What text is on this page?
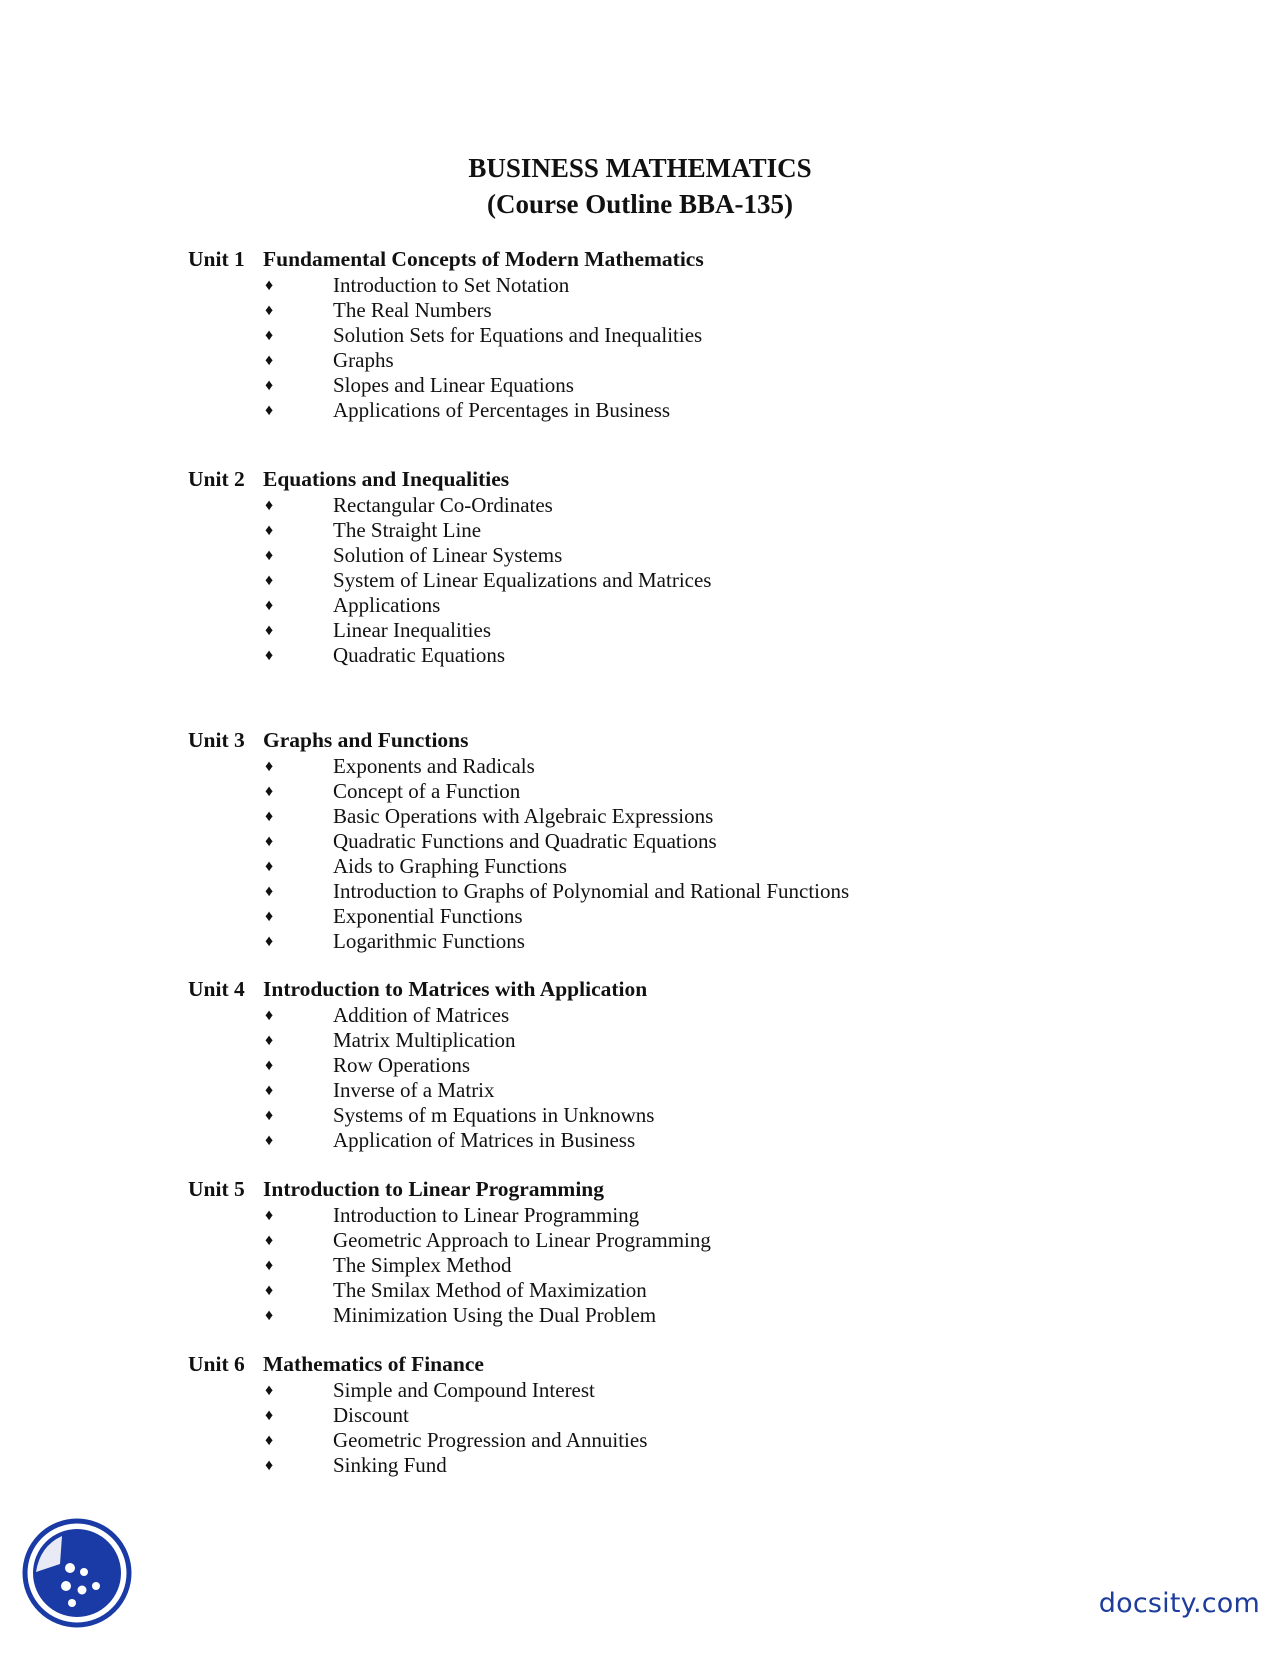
BUSINESS MATHEMATICS
(Course Outline BBA-135)
Unit 1 Fundamental Concepts of Modern Mathematics
♦	Introduction to Set Notation
♦	The Real Numbers
♦	Solution Sets for Equations and Inequalities
♦	Graphs
♦	Slopes and Linear Equations
♦	Applications of Percentages in Business
Unit 2 Equations and Inequalities
♦	Rectangular Co-Ordinates
♦	The Straight Line
♦	Solution of Linear Systems
♦	System of Linear Equalizations and Matrices
♦	Applications
♦	Linear Inequalities
♦	Quadratic Equations
Unit 3 Graphs and Functions
♦	Exponents and Radicals
♦	Concept of a Function
♦	Basic Operations with Algebraic Expressions
♦	Quadratic Functions and Quadratic Equations
♦	Aids to Graphing Functions
♦	Introduction to Graphs of Polynomial and Rational Functions
♦	Exponential Functions
♦	Logarithmic Functions
Unit 4 Introduction to Matrices with Application
♦	Addition of Matrices
♦	Matrix Multiplication
♦	Row Operations
♦	Inverse of a Matrix
♦	Systems of m Equations in Unknowns
♦	Application of Matrices in Business
Unit 5 Introduction to Linear Programming
♦	Introduction to Linear Programming
♦	Geometric Approach to Linear Programming
♦	The Simplex Method
♦	The Smilax Method of Maximization
♦	Minimization Using the Dual Problem
Unit 6 Mathematics of Finance
♦	Simple and Compound Interest
♦	Discount
♦	Geometric Progression and Annuities
♦	Sinking Fund
docsity.com
